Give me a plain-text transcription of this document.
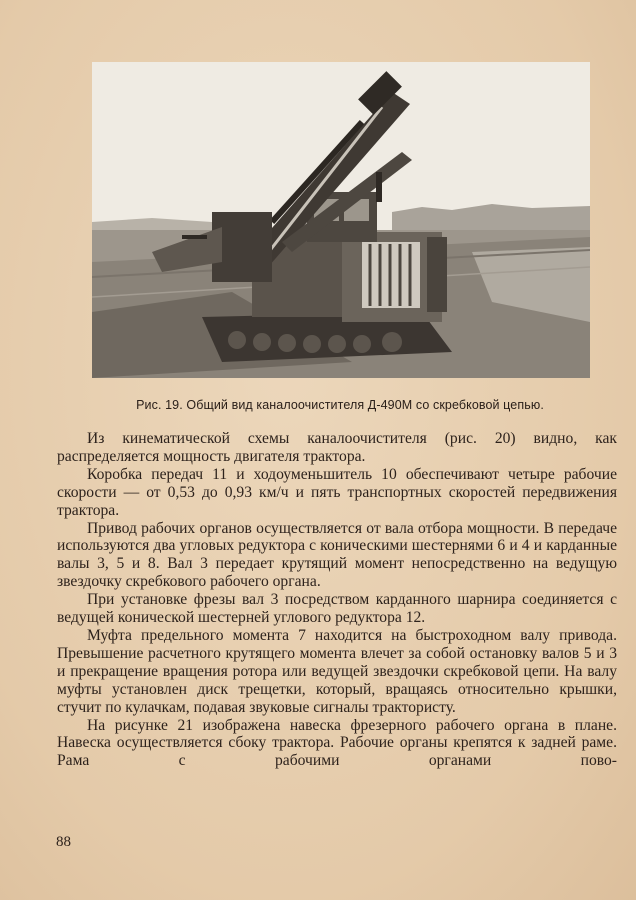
Рис. 19. Общий вид каналоочистителя Д-490М со скребковой цепью.

Из кинематической схемы каналоочистителя (рис. 20) видно, как распределяется мощность двигателя трактора.

Коробка передач 11 и ходоуменьшитель 10 обеспечивают четыре рабочие скорости — от 0,53 до 0,93 км/ч и пять транспортных скоростей передвижения трактора.

Привод рабочих органов осуществляется от вала отбора мощности. В передаче используются два угловых редуктора с коническими шестернями 6 и 4 и карданные валы 3, 5 и 8. Вал 3 передает крутящий момент непосредственно на ведущую звездочку скребкового рабочего органа.

При установке фрезы вал 3 посредством карданного шарнира соединяется с ведущей конической шестерней углового редуктора 12.

Муфта предельного момента 7 находится на быстроходном валу привода. Превышение расчетного крутящего момента влечет за собой остановку валов 5 и 3 и прекращение вращения ротора или ведущей звездочки скребковой цепи. На валу муфты установлен диск трещетки, который, вращаясь относительно крышки, стучит по кулачкам, подавая звуковые сигналы трактористу.

На рисунке 21 изображена навеска фрезерного рабочего органа в плане. Навеска осуществляется сбоку трактора. Рабочие органы крепятся к задней раме. Рама с рабочими органами пово-

88
